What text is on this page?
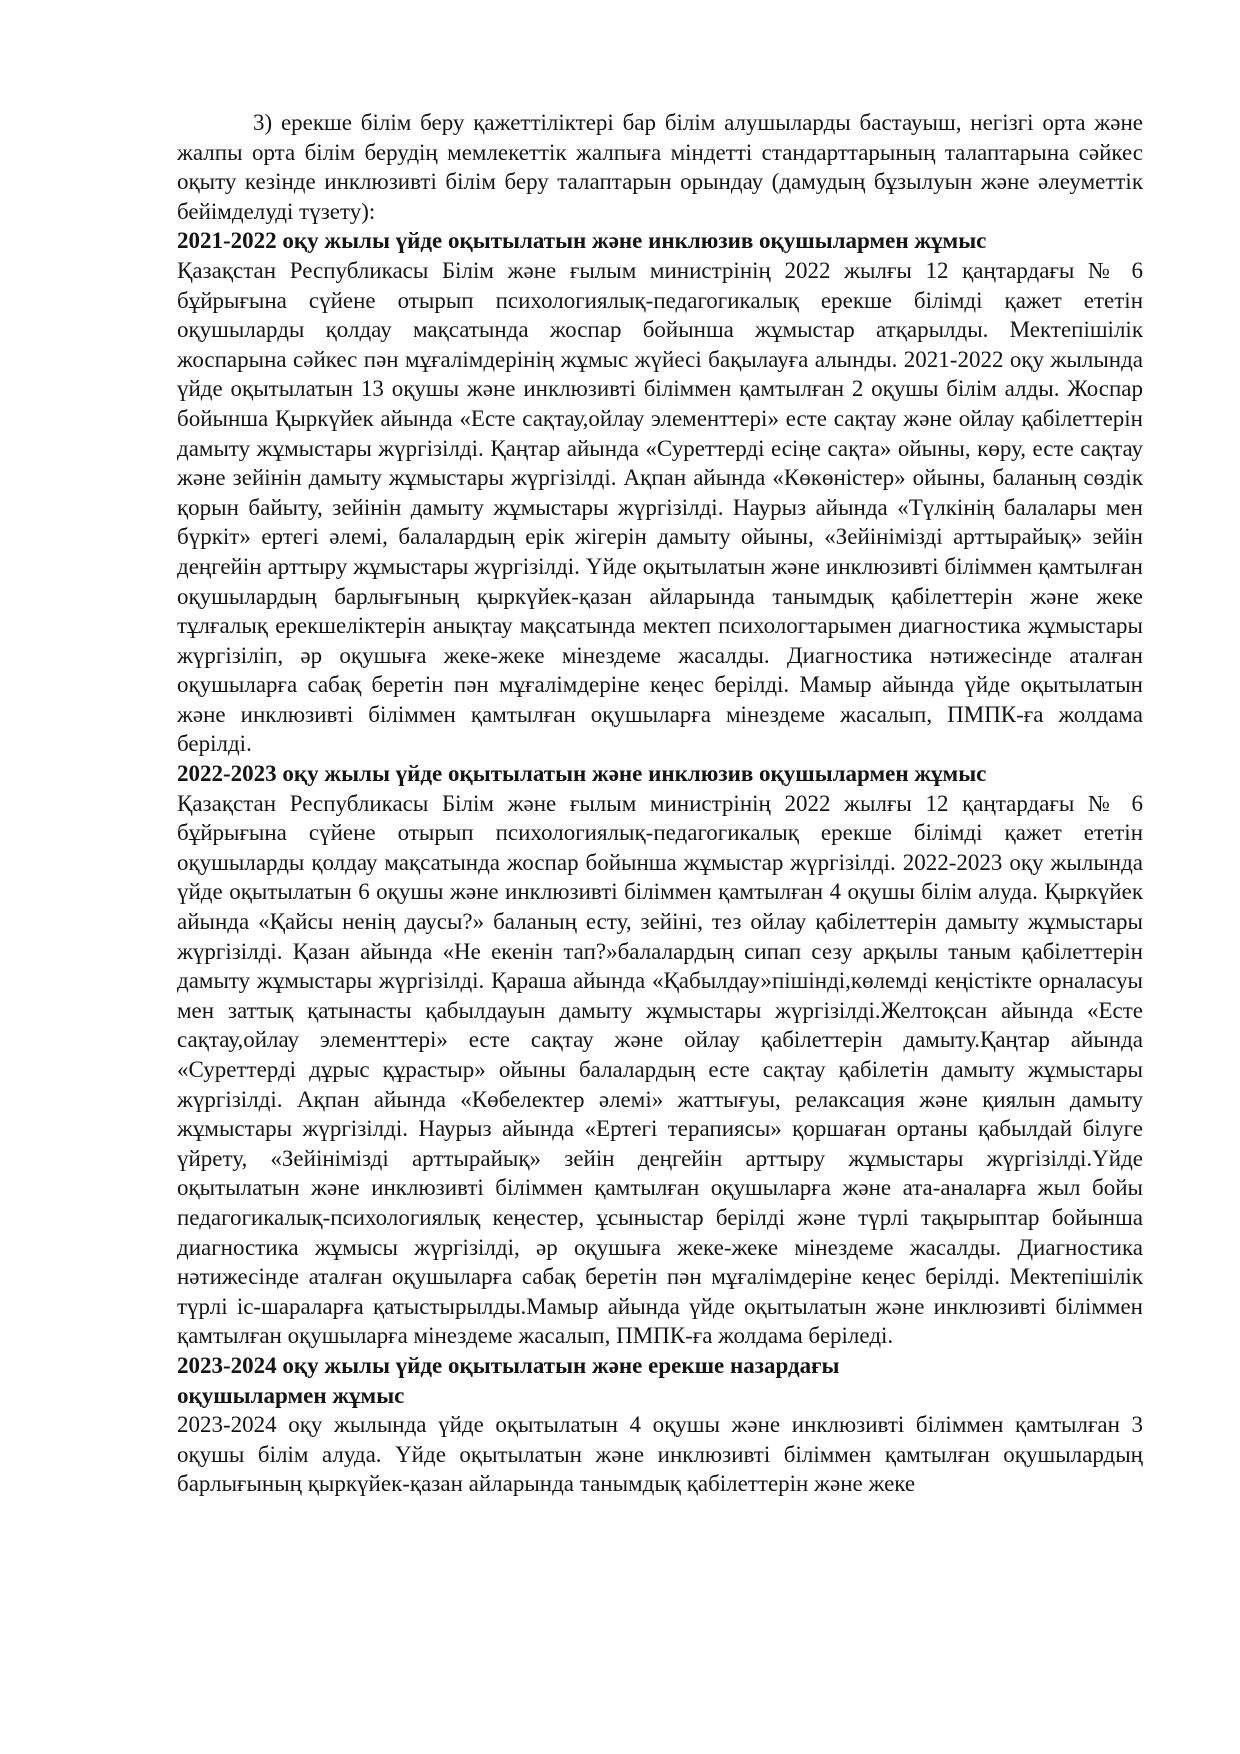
3) ерекше білім беру қажеттіліктері бар білім алушыларды бастауыш, негізгі орта және жалпы орта білім берудің мемлекеттік жалпыға міндетті стандарттарының талаптарына сәйкес оқыту кезінде инклюзивті білім беру талаптарын орындау (дамудың бұзылуын және әлеуметтік бейімделуді түзету):

2021-2022 оқу жылы үйде оқытылатын және инклюзив оқушылармен жұмыс

Қазақстан Республикасы Білім және ғылым министрінің 2022 жылғы 12 қаңтардағы № 6 бұйрығына сүйене отырып психологиялық-педагогикалық ерекше білімді қажет ететін оқушыларды қолдау мақсатында жоспар бойынша жұмыстар атқарылды. Мектепішілік жоспарына сәйкес пән мұғалімдерінің жұмыс жүйесі бақылауға алынды. 2021-2022 оқу жылында үйде оқытылатын 13 оқушы және инклюзивті біліммен қамтылған 2 оқушы білім алды. Жоспар бойынша Қыркүйек айында «Есте сақтау,ойлау элементтері» есте сақтау және ойлау қабілеттерін дамыту жұмыстары жүргізілді. Қаңтар айында «Суреттерді есіңе сақта» ойыны, көру, есте сақтау және зейінін дамыту жұмыстары жүргізілді. Ақпан айында «Көкөністер» ойыны, баланың сөздік қорын байыту, зейінін дамыту жұмыстары жүргізілді. Наурыз айында «Түлкінің балалары мен бүркіт» ертегі әлемі, балалардың ерік жігерін дамыту ойыны, «Зейінімізді арттырайық» зейін деңгейін арттыру жұмыстары жүргізілді. Үйде оқытылатын және инклюзивті біліммен қамтылған оқушылардың барлығының қыркүйек-қазан айларында танымдық қабілеттерін және жеке тұлғалық ерекшеліктерін анықтау мақсатында мектеп психологтарымен диагностика жұмыстары жүргізіліп, әр оқушыға жеке-жеке мінездеме жасалды. Диагностика нәтижесінде аталған оқушыларға сабақ беретін пән мұғалімдеріне кеңес берілді. Мамыр айында үйде оқытылатын және инклюзивті біліммен қамтылған оқушыларға мінездеме жасалып, ПМПК-ға жолдама берілді.

2022-2023 оқу жылы үйде оқытылатын және инклюзив оқушылармен жұмыс

Қазақстан Республикасы Білім және ғылым министрінің 2022 жылғы 12 қаңтардағы № 6 бұйрығына сүйене отырып психологиялық-педагогикалық ерекше білімді қажет ететін оқушыларды қолдау мақсатында жоспар бойынша жұмыстар жүргізілді. 2022-2023 оқу жылында үйде оқытылатын 6 оқушы және инклюзивті біліммен қамтылған 4 оқушы білім алуда. Қыркүйек айында «Қайсы ненің даусы?» баланың есту, зейіні, тез ойлау қабілеттерін дамыту жұмыстары жүргізілді. Қазан айында «Не екенін тап?»балалардың сипап сезу арқылы таным қабілеттерін дамыту жұмыстары жүргізілді. Қараша айында «Қабылдау»пішінді,көлемді кеңістікте орналасуы мен заттық қатынасты қабылдауын дамыту жұмыстары жүргізілді.Желтоқсан айында «Есте сақтау,ойлау элементтері» есте сақтау және ойлау қабілеттерін дамыту.Қаңтар айында «Суреттерді дұрыс құрастыр» ойыны балалардың есте сақтау қабілетін дамыту жұмыстары жүргізілді. Ақпан айында «Көбелектер әлемі» жаттығуы, релаксация және қиялын дамыту жұмыстары жүргізілді. Наурыз айында «Ертегі терапиясы» қоршаған ортаны қабылдай білуге үйрету, «Зейінімізді арттырайық» зейін деңгейін арттыру жұмыстары жүргізілді.Үйде оқытылатын және инклюзивті біліммен қамтылған оқушыларға және ата-аналарға жыл бойы педагогикалық-психологиялық кеңестер, ұсыныстар берілді және түрлі тақырыптар бойынша диагностика жұмысы жүргізілді, әр оқушыға жеке-жеке мінездеме жасалды. Диагностика нәтижесінде аталған оқушыларға сабақ беретін пән мұғалімдеріне кеңес берілді. Мектепішілік түрлі іс-шараларға қатыстырылды.Мамыр айында үйде оқытылатын және инклюзивті біліммен қамтылған оқушыларға мінездеме жасалып, ПМПК-ға жолдама беріледі.

2023-2024 оқу жылы үйде оқытылатын және ерекше назардағы оқушылармен жұмыс

2023-2024 оқу жылында үйде оқытылатын 4 оқушы және инклюзивті біліммен қамтылған 3 оқушы білім алуда. Үйде оқытылатын және инклюзивті біліммен қамтылған оқушылардың барлығының қыркүйек-қазан айларында танымдық қабілеттерін және жеке
